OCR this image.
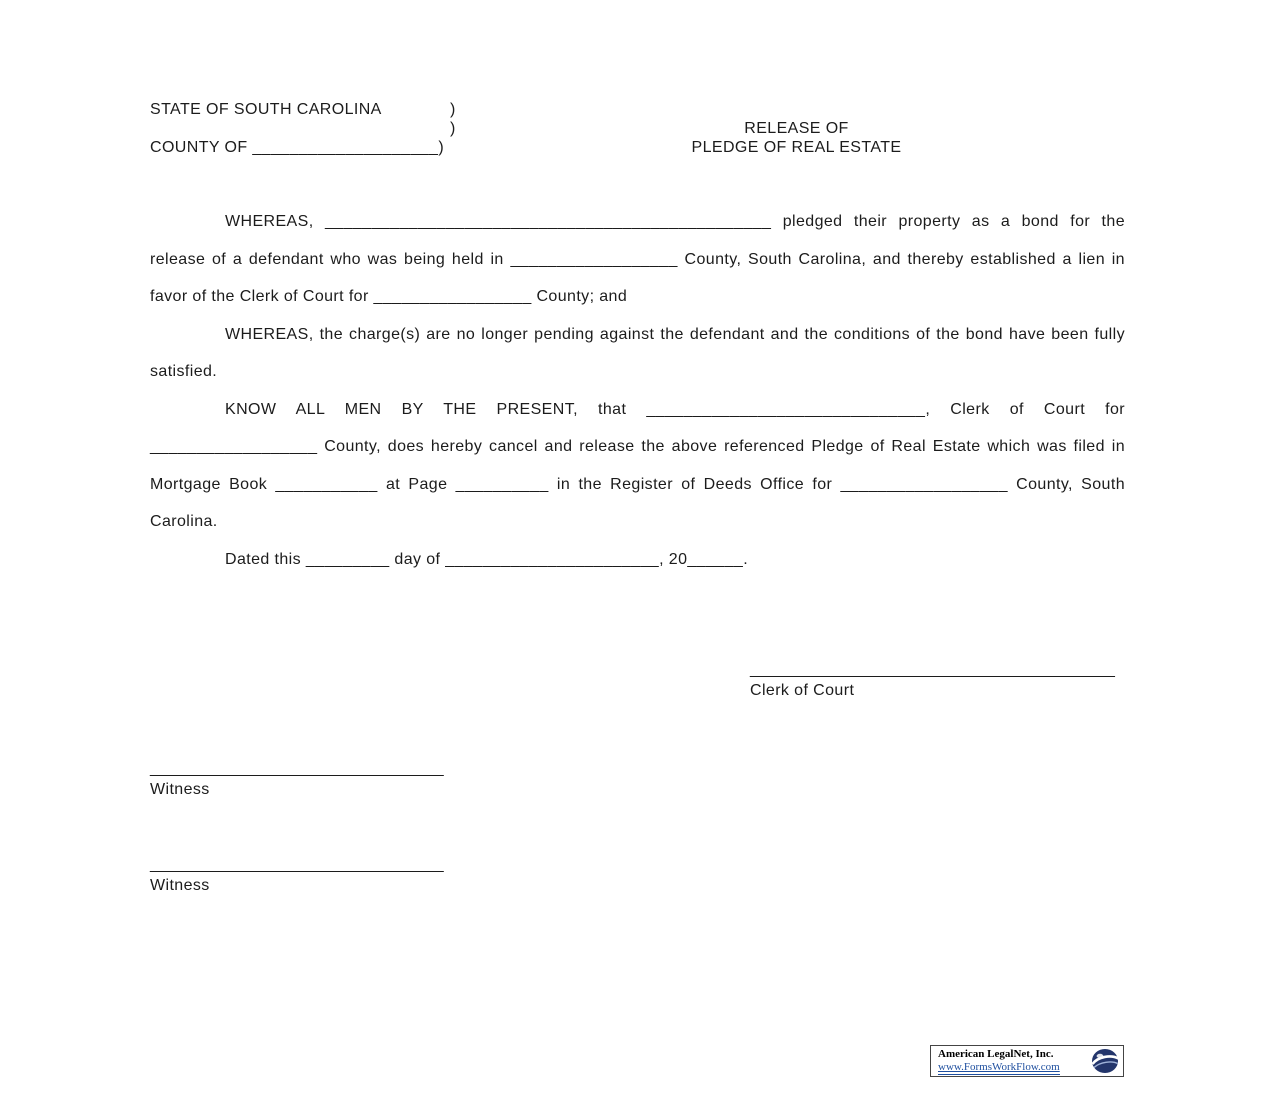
STATE OF SOUTH CAROLINA	)
)
COUNTY OF ____________________)
RELEASE OF
PLEDGE OF REAL ESTATE

WHEREAS, ________________________________________________ pledged their property as a bond for the release of a defendant who was being held in __________________ County, South Carolina, and thereby established a lien in favor of the Clerk of Court for _________________ County; and

WHEREAS, the charge(s) are no longer pending against the defendant and the conditions of the bond have been fully satisfied.

KNOW ALL MEN BY THE PRESENT, that ______________________________, Clerk of Court for __________________ County, does hereby cancel and release the above referenced Pledge of Real Estate which was filed in Mortgage Book ___________ at Page __________ in the Register of Deeds Office for __________________ County, South Carolina.

Dated this _________ day of _______________________, 20______.

_________________________________________
Clerk of Court
_________________________________
Witness
_________________________________
Witness
American LegalNet, Inc.
www.FormsWorkFlow.com
